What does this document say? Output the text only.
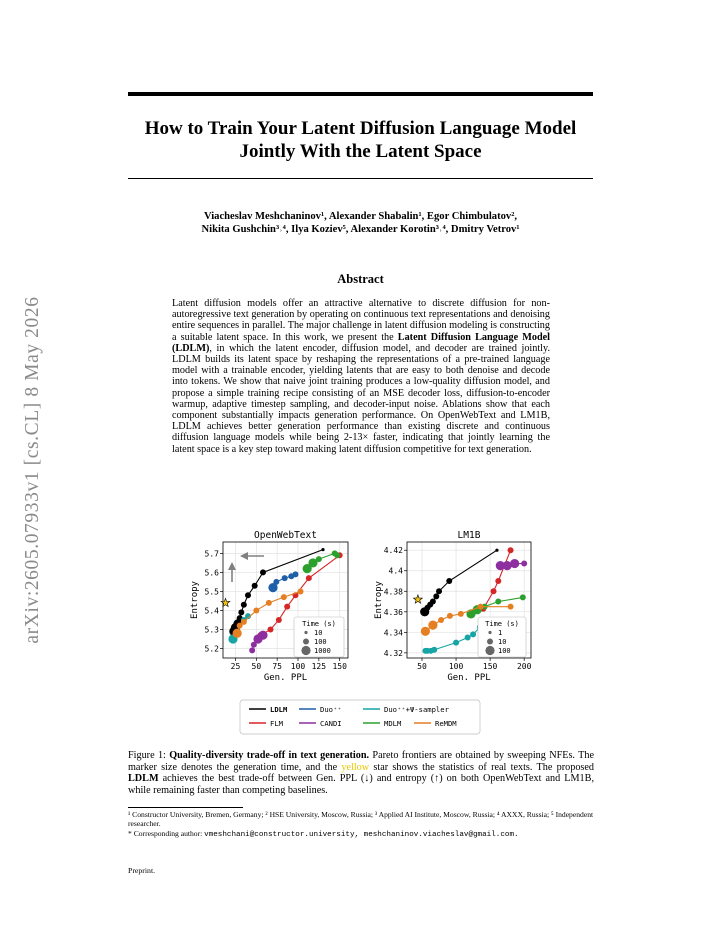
arXiv:2605.07933v1 [cs.CL] 8 May 2026
How to Train Your Latent Diffusion Language Model Jointly With the Latent Space
Viacheslav Meshchaninov¹, Alexander Shabalin¹, Egor Chimbulatov²,
Nikita Gushchin³˒⁴, Ilya Koziev⁵, Alexander Korotin³˒⁴, Dmitry Vetrov¹
Abstract
Latent diffusion models offer an attractive alternative to discrete diffusion for non-autoregressive text generation by operating on continuous text representations and denoising entire sequences in parallel. The major challenge in latent diffusion modeling is constructing a suitable latent space. In this work, we present the Latent Diffusion Language Model (LDLM), in which the latent encoder, diffusion model, and decoder are trained jointly. LDLM builds its latent space by reshaping the representations of a pre-trained language model with a trainable encoder, yielding latents that are easy to both denoise and decode into tokens. We show that naive joint training produces a low-quality diffusion model, and propose a simple training recipe consisting of an MSE decoder loss, diffusion-to-encoder warmup, adaptive timestep sampling, and decoder-input noise. Ablations show that each component substantially impacts generation performance. On OpenWebText and LM1B, LDLM achieves better generation performance than existing discrete and continuous diffusion language models while being 2-13× faster, indicating that jointly learning the latent space is a key step toward making latent diffusion competitive for text generation.
25 50 75 100 125 150
5.2
5.3
5.4
5.5
5.6
5.7
OpenWebText
Gen. PPL
Entropy
Time (s)
10
100
1000
50	100 150 200
4.32
4.34
4.36
4.38
4.4
4.42
LM1B
Gen. PPL
Entropy
Time (s)
1
10
100
LDLM	Duo⁺⁺	Duo⁺⁺+Ψ-sampler
FLM	CANDI	MDLM	ReMDM
Figure 1: Quality-diversity trade-off in text generation. Pareto frontiers are obtained by sweeping NFEs. The marker size denotes the generation time, and the yellow star shows the statistics of real texts. The proposed LDLM achieves the best trade-off between Gen. PPL (↓) and entropy (↑) on both OpenWebText and LM1B, while remaining faster than competing baselines.
¹ Constructor University, Bremen, Germany; ² HSE University, Moscow, Russia; ³ Applied AI Institute, Moscow, Russia; ⁴ AXXX, Russia; ⁵ Independent researcher.
* Corresponding author: vmeshchani@constructor.university, meshchaninov.viacheslav@gmail.com.
Preprint.
